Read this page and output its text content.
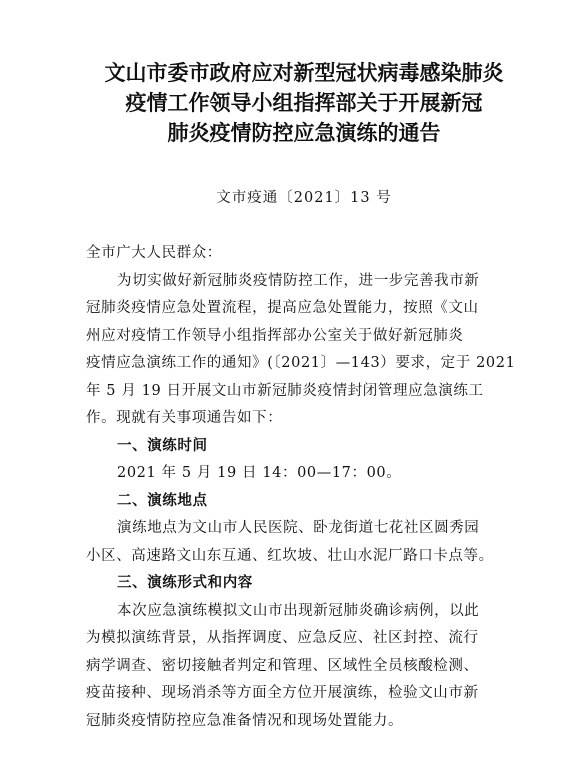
文山市委市政府应对新型冠状病毒感染肺炎
疫情工作领导小组指挥部关于开展新冠
肺炎疫情防控应急演练的通告
文市疫通〔2021〕13 号
全市广大人民群众：
为切实做好新冠肺炎疫情防控工作，进一步完善我市新
冠肺炎疫情应急处置流程，提高应急处置能力，按照《文山
州应对疫情工作领导小组指挥部办公室关于做好新冠肺炎
疫情应急演练工作的通知》(〔2021〕—143）要求，定于 2021
年 5 月 19 日开展文山市新冠肺炎疫情封闭管理应急演练工
作。现就有关事项通告如下：
一、演练时间
2021 年 5 月 19 日 14：00—17：00。
二、演练地点
演练地点为文山市人民医院、卧龙街道七花社区圆秀园
小区、高速路文山东互通、红坎坡、壮山水泥厂路口卡点等。
三、演练形式和内容
本次应急演练模拟文山市出现新冠肺炎确诊病例，以此
为模拟演练背景，从指挥调度、应急反应、社区封控、流行
病学调查、密切接触者判定和管理、区域性全员核酸检测、
疫苗接种、现场消杀等方面全方位开展演练，检验文山市新
冠肺炎疫情防控应急准备情况和现场处置能力。
